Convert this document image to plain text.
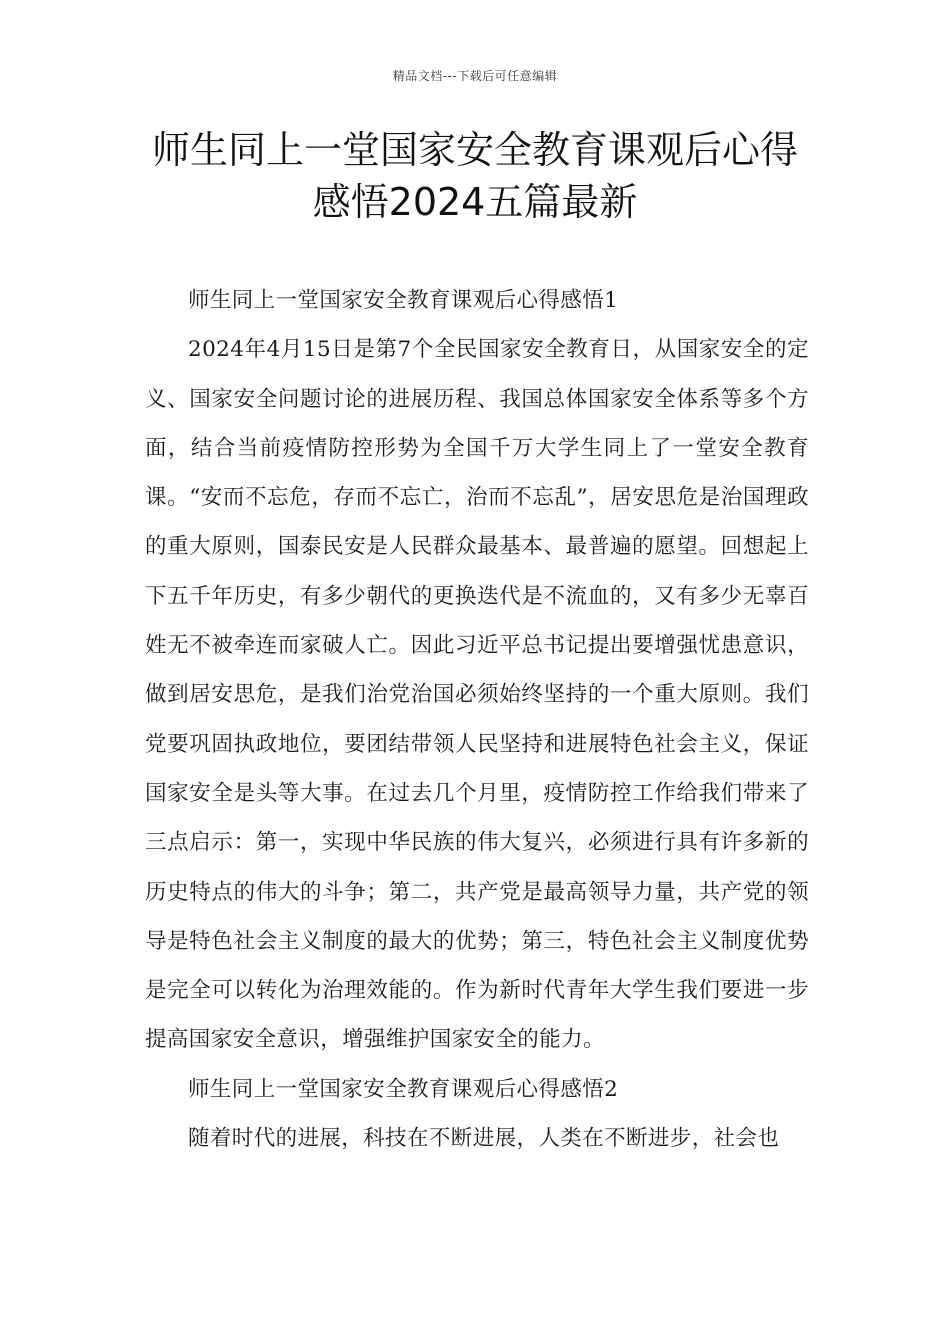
精品文档---下载后可任意编辑
师生同上一堂国家安全教育课观后心得
感悟2024五篇最新

师生同上一堂国家安全教育课观后心得感悟1

2024年4月15日是第7个全民国家安全教育日，从国家安全的定义、国家安全问题讨论的进展历程、我国总体国家安全体系等多个方面，结合当前疫情防控形势为全国千万大学生同上了一堂安全教育课。“安而不忘危，存而不忘亡，治而不忘乱”，居安思危是治国理政的重大原则，国泰民安是人民群众最基本、最普遍的愿望。回想起上下五千年历史，有多少朝代的更换迭代是不流血的，又有多少无辜百姓无不被牵连而家破人亡。因此习近平总书记提出要增强忧患意识，做到居安思危，是我们治党治国必须始终坚持的一个重大原则。我们党要巩固执政地位，要团结带领人民坚持和进展特色社会主义，保证国家安全是头等大事。在过去几个月里，疫情防控工作给我们带来了三点启示：第一，实现中华民族的伟大复兴，必须进行具有许多新的历史特点的伟大的斗争；第二，共产党是最高领导力量，共产党的领导是特色社会主义制度的最大的优势；第三，特色社会主义制度优势是完全可以转化为治理效能的。作为新时代青年大学生我们要进一步提高国家安全意识，增强维护国家安全的能力。

师生同上一堂国家安全教育课观后心得感悟2

随着时代的进展，科技在不断进展，人类在不断进步，社会也
